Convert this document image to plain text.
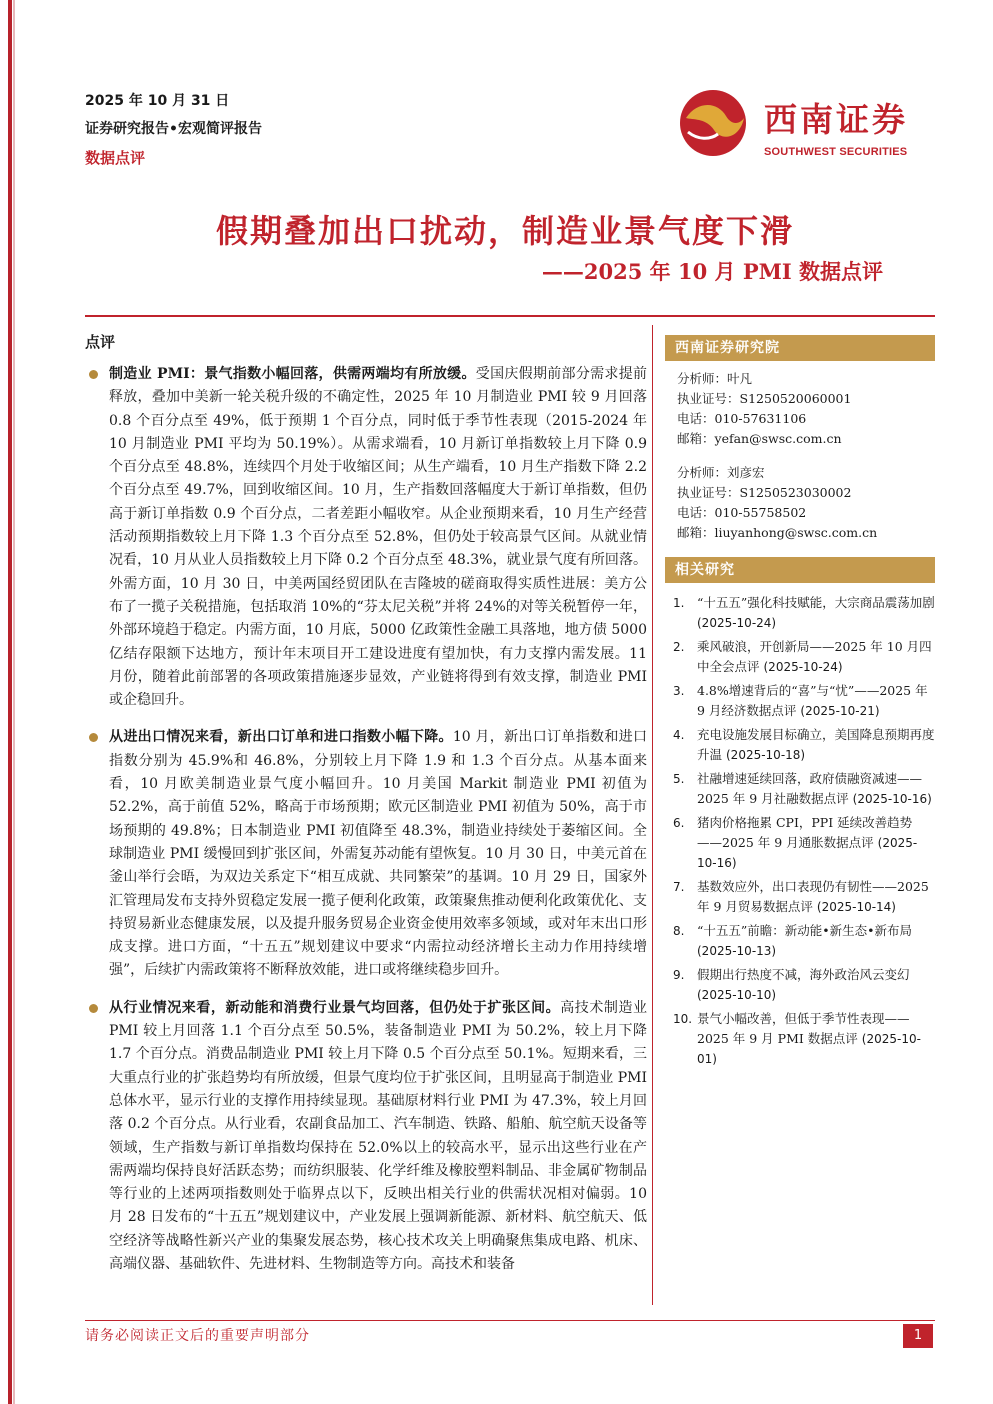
2025 年 10 月 31 日
证券研究报告•宏观简评报告
数据点评
西南证券
SOUTHWEST SECURITIES
假期叠加出口扰动，制造业景气度下滑
——2025 年 10 月 PMI 数据点评
点评
制造业 PMI：景气指数小幅回落，供需两端均有所放缓。受国庆假期前部分需求提前释放，叠加中美新一轮关税升级的不确定性，2025 年 10 月制造业 PMI 较 9 月回落 0.8 个百分点至 49%，低于预期 1 个百分点，同时低于季节性表现（2015-2024 年 10 月制造业 PMI 平均为 50.19%）。从需求端看，10 月新订单指数较上月下降 0.9 个百分点至 48.8%，连续四个月处于收缩区间；从生产端看，10 月生产指数下降 2.2 个百分点至 49.7%，回到收缩区间。10 月，生产指数回落幅度大于新订单指数，但仍高于新订单指数 0.9 个百分点，二者差距小幅收窄。从企业预期来看，10 月生产经营活动预期指数较上月下降 1.3 个百分点至 52.8%，但仍处于较高景气区间。从就业情况看，10 月从业人员指数较上月下降 0.2 个百分点至 48.3%，就业景气度有所回落。外需方面，10 月 30 日，中美两国经贸团队在吉隆坡的磋商取得实质性进展：美方公布了一揽子关税措施，包括取消 10%的“芬太尼关税”并将 24%的对等关税暂停一年，外部环境趋于稳定。内需方面，10 月底，5000 亿政策性金融工具落地，地方债 5000 亿结存限额下达地方，预计年末项目开工建设进度有望加快，有力支撑内需发展。11 月份，随着此前部署的各项政策措施逐步显效，产业链将得到有效支撑，制造业 PMI 或企稳回升。
从进出口情况来看，新出口订单和进口指数小幅下降。10 月，新出口订单指数和进口指数分别为 45.9%和 46.8%，分别较上月下降 1.9 和 1.3 个百分点。从基本面来看，10 月欧美制造业景气度小幅回升。10 月美国 Markit 制造业 PMI 初值为 52.2%，高于前值 52%，略高于市场预期；欧元区制造业 PMI 初值为 50%，高于市场预期的 49.8%；日本制造业 PMI 初值降至 48.3%，制造业持续处于萎缩区间。全球制造业 PMI 缓慢回到扩张区间，外需复苏动能有望恢复。10 月 30 日，中美元首在釜山举行会晤，为双边关系定下“相互成就、共同繁荣”的基调。10 月 29 日，国家外汇管理局发布支持外贸稳定发展一揽子便利化政策，政策聚焦推动便利化政策优化、支持贸易新业态健康发展，以及提升服务贸易企业资金使用效率多领域，或对年末出口形成支撑。进口方面，“十五五”规划建议中要求“内需拉动经济增长主动力作用持续增强”，后续扩内需政策将不断释放效能，进口或将继续稳步回升。
从行业情况来看，新动能和消费行业景气均回落，但仍处于扩张区间。高技术制造业 PMI 较上月回落 1.1 个百分点至 50.5%，装备制造业 PMI 为 50.2%，较上月下降 1.7 个百分点。消费品制造业 PMI 较上月下降 0.5 个百分点至 50.1%。短期来看，三大重点行业的扩张趋势均有所放缓，但景气度均位于扩张区间，且明显高于制造业 PMI 总体水平，显示行业的支撑作用持续显现。基础原材料行业 PMI 为 47.3%，较上月回落 0.2 个百分点。从行业看，农副食品加工、汽车制造、铁路、船舶、航空航天设备等领域，生产指数与新订单指数均保持在 52.0%以上的较高水平，显示出这些行业在产需两端均保持良好活跃态势；而纺织服装、化学纤维及橡胶塑料制品、非金属矿物制品等行业的上述两项指数则处于临界点以下，反映出相关行业的供需状况相对偏弱。10 月 28 日发布的“十五五”规划建议中，产业发展上强调新能源、新材料、航空航天、低空经济等战略性新兴产业的集聚发展态势，核心技术攻关上明确聚焦集成电路、机床、高端仪器、基础软件、先进材料、生物制造等方向。高技术和装备
西南证券研究院
分析师： 叶凡
执业证号： S1250520060001
电话： 010-57631106
邮箱： yefan@swsc.com.cn
分析师： 刘彦宏
执业证号： S1250523030002
电话： 010-55758502
邮箱： liuyanhong@swsc.com.cn
相关研究
1.	“十五五”强化科技赋能，大宗商品震荡加剧 (2025-10-24)
2.	乘风破浪，开创新局——2025 年 10 月四中全会点评 (2025-10-24)
3.	4.8%增速背后的“喜”与“忧”——2025 年 9 月经济数据点评 (2025-10-21)
4.	充电设施发展目标确立，美国降息预期再度升温 (2025-10-18)
5.	社融增速延续回落，政府债融资减速——2025 年 9 月社融数据点评 (2025-10-16)
6.	猪肉价格拖累 CPI，PPI 延续改善趋势——2025 年 9 月通胀数据点评 (2025-10-16)
7.	基数效应外，出口表现仍有韧性——2025 年 9 月贸易数据点评 (2025-10-14)
8.	“十五五”前瞻：新动能•新生态•新布局 (2025-10-13)
9.	假期出行热度不减，海外政治风云变幻 (2025-10-10)
10. 景气小幅改善，但低于季节性表现——2025 年 9 月 PMI 数据点评 (2025-10-01)
请务必阅读正文后的重要声明部分	1
